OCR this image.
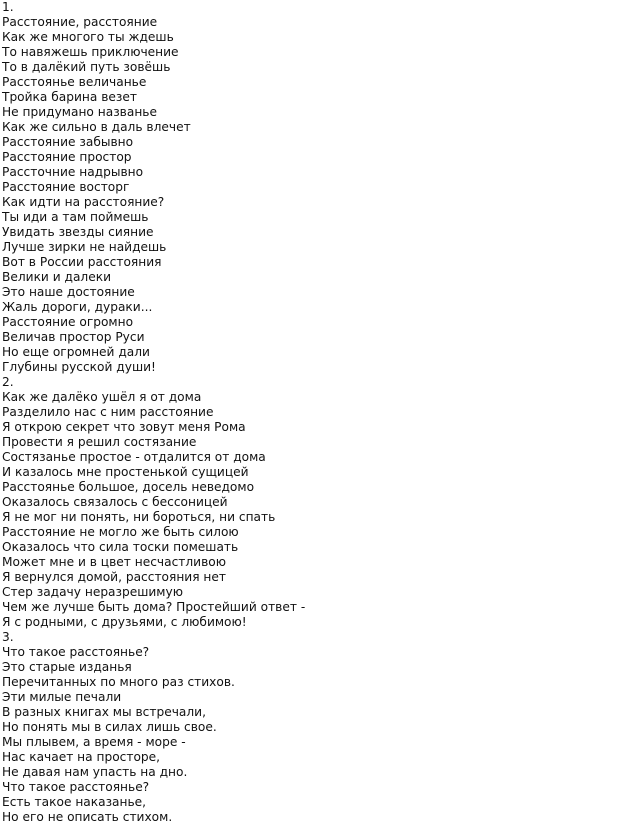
1.
Расстояние, расстояние
Как же многого ты ждешь
То навяжешь приключение
То в далёкий путь зовёшь
Расстоянье величанье
Тройка барина везет
Не придумано названье
Как же сильно в даль влечет
Расстояние забывно
Расстояние простор
Рассточние надрывно
Расстояние восторг
Как идти на расстояние?
Ты иди а там поймешь
Увидать звезды сияние
Лучше зирки не найдешь
Вот в России расстояния
Велики и далеки
Это наше достояние
Жаль дороги, дураки...
Расстояние огромно
Величав простор Руси
Но еще огромней дали
Глубины русской души!
2.
Как же далёко ушёл я от дома
Разделило нас с ним расстояние
Я открою секрет что зовут меня Рома
Провести я решил состязание
Состязанье простое - отдалится от дома
И казалось мне простенькой сущицей
Расстоянье большое, досель неведомо
Оказалось связалось с бессоницей
Я не мог ни понять, ни бороться, ни спать
Расстояние не могло же быть силою
Оказалось что сила тоски помешать
Может мне и в цвет несчастливою
Я вернулся домой, расстояния нет
Стер задачу неразрешимую
Чем же лучше быть дома? Простейший ответ -
Я с родными, с друзьями, с любимою!
3.
Что такое расстоянье?
Это старые изданья
Перечитанных по много раз стихов.
Эти милые печали
В разных книгах мы встречали,
Но понять мы в силах лишь свое.
Мы плывем, а время - море -
Нас качает на просторе,
Не давая нам упасть на дно.
Что такое расстоянье?
Есть такое наказанье,
Но его не описать стихом.
